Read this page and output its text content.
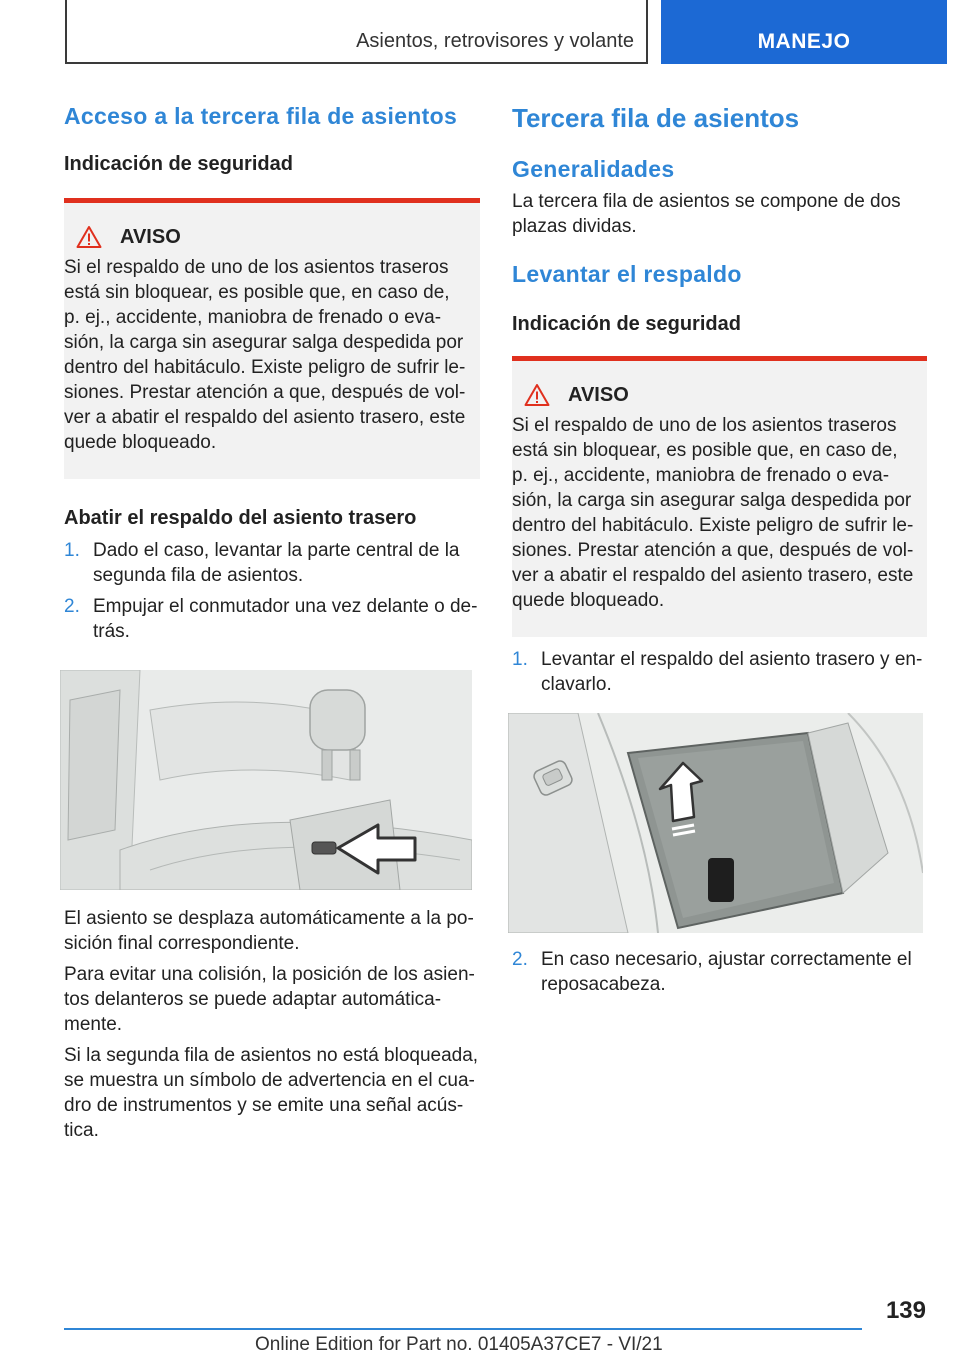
Asientos, retrovisores y volante	MANEJO
Acceso a la tercera fila de asientos
Indicación de seguridad
AVISO
Si el respaldo de uno de los asientos traseros está sin bloquear, es posible que, en caso de, p. ej., accidente, maniobra de frenado o eva-sión, la carga sin asegurar salga despedida por dentro del habitáculo. Existe peligro de sufrir le-siones. Prestar atención a que, después de vol-ver a abatir el respaldo del asiento trasero, este quede bloqueado.
Abatir el respaldo del asiento trasero
1. Dado el caso, levantar la parte central de la segunda fila de asientos.
2. Empujar el conmutador una vez delante o de-trás.

El asiento se desplaza automáticamente a la po-sición final correspondiente.

Para evitar una colisión, la posición de los asien-tos delanteros se puede adaptar automática-mente.

Si la segunda fila de asientos no está bloqueada, se muestra un símbolo de advertencia en el cua-dro de instrumentos y se emite una señal acús-tica.

Tercera fila de asientos
Generalidades

La tercera fila de asientos se compone de dos plazas dividas.

Levantar el respaldo
Indicación de seguridad
AVISO
Si el respaldo de uno de los asientos traseros está sin bloquear, es posible que, en caso de, p. ej., accidente, maniobra de frenado o eva-sión, la carga sin asegurar salga despedida por dentro del habitáculo. Existe peligro de sufrir le-siones. Prestar atención a que, después de vol-ver a abatir el respaldo del asiento trasero, este quede bloqueado.
1. Levantar el respaldo del asiento trasero y en-clavarlo.
2. En caso necesario, ajustar correctamente el reposacabeza.
139
Online Edition for Part no. 01405A37CE7 - VI/21
